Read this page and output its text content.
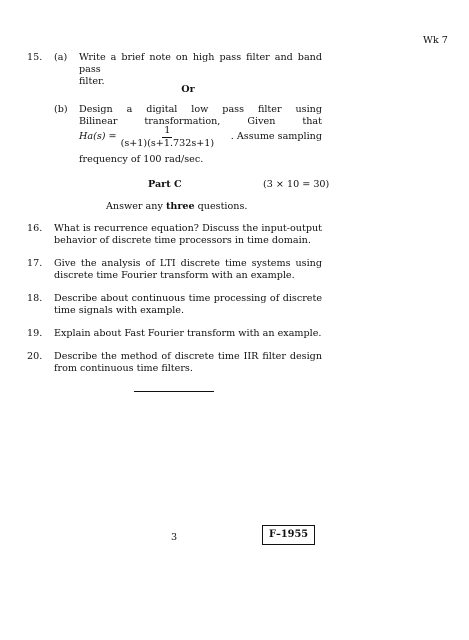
Wk 7
15. (a) Write a brief note on high pass filter and band pass
filter.
Or
(b) Design a digital low pass filter using
Bilinear transformation, Given that
$Ha(s) = \frac{1}{(s+1)(s+1.732s+1)}$ . Assume sampling
frequency of 100 rad/sec.
Part C	(3 × 10 = 30)
Answer any three questions.
16. What is recurrence equation? Discuss the input-output
behavior of discrete time processors in time domain.
17. Give the analysis of LTI discrete time systems using
discrete time Fourier transform with an example.
18. Describe about continuous time processing of discrete
time signals with example.
19. Explain about Fast Fourier transform with an example.
20. Describe the method of discrete time IIR filter design
from continuous time filters.
3	F–1955
